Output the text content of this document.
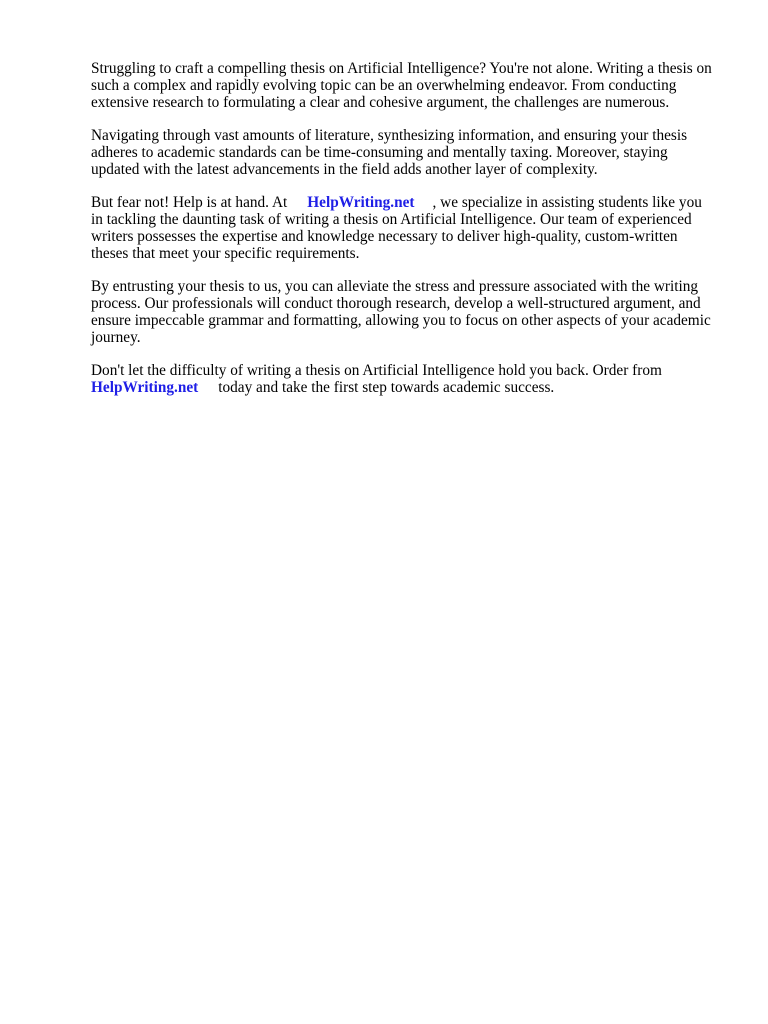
Struggling to craft a compelling thesis on Artificial Intelligence? You're not alone. Writing a thesis on
such a complex and rapidly evolving topic can be an overwhelming endeavor. From conducting
extensive research to formulating a clear and cohesive argument, the challenges are numerous.

Navigating through vast amounts of literature, synthesizing information, and ensuring your thesis
adheres to academic standards can be time-consuming and mentally taxing. Moreover, staying
updated with the latest advancements in the field adds another layer of complexity.

But fear not! Help is at hand. At HelpWriting.net , we specialize in assisting students like you
in tackling the daunting task of writing a thesis on Artificial Intelligence. Our team of experienced
writers possesses the expertise and knowledge necessary to deliver high-quality, custom-written
theses that meet your specific requirements.

By entrusting your thesis to us, you can alleviate the stress and pressure associated with the writing
process. Our professionals will conduct thorough research, develop a well-structured argument, and
ensure impeccable grammar and formatting, allowing you to focus on other aspects of your academic
journey.

Don't let the difficulty of writing a thesis on Artificial Intelligence hold you back. Order from
HelpWriting.net today and take the first step towards academic success.
